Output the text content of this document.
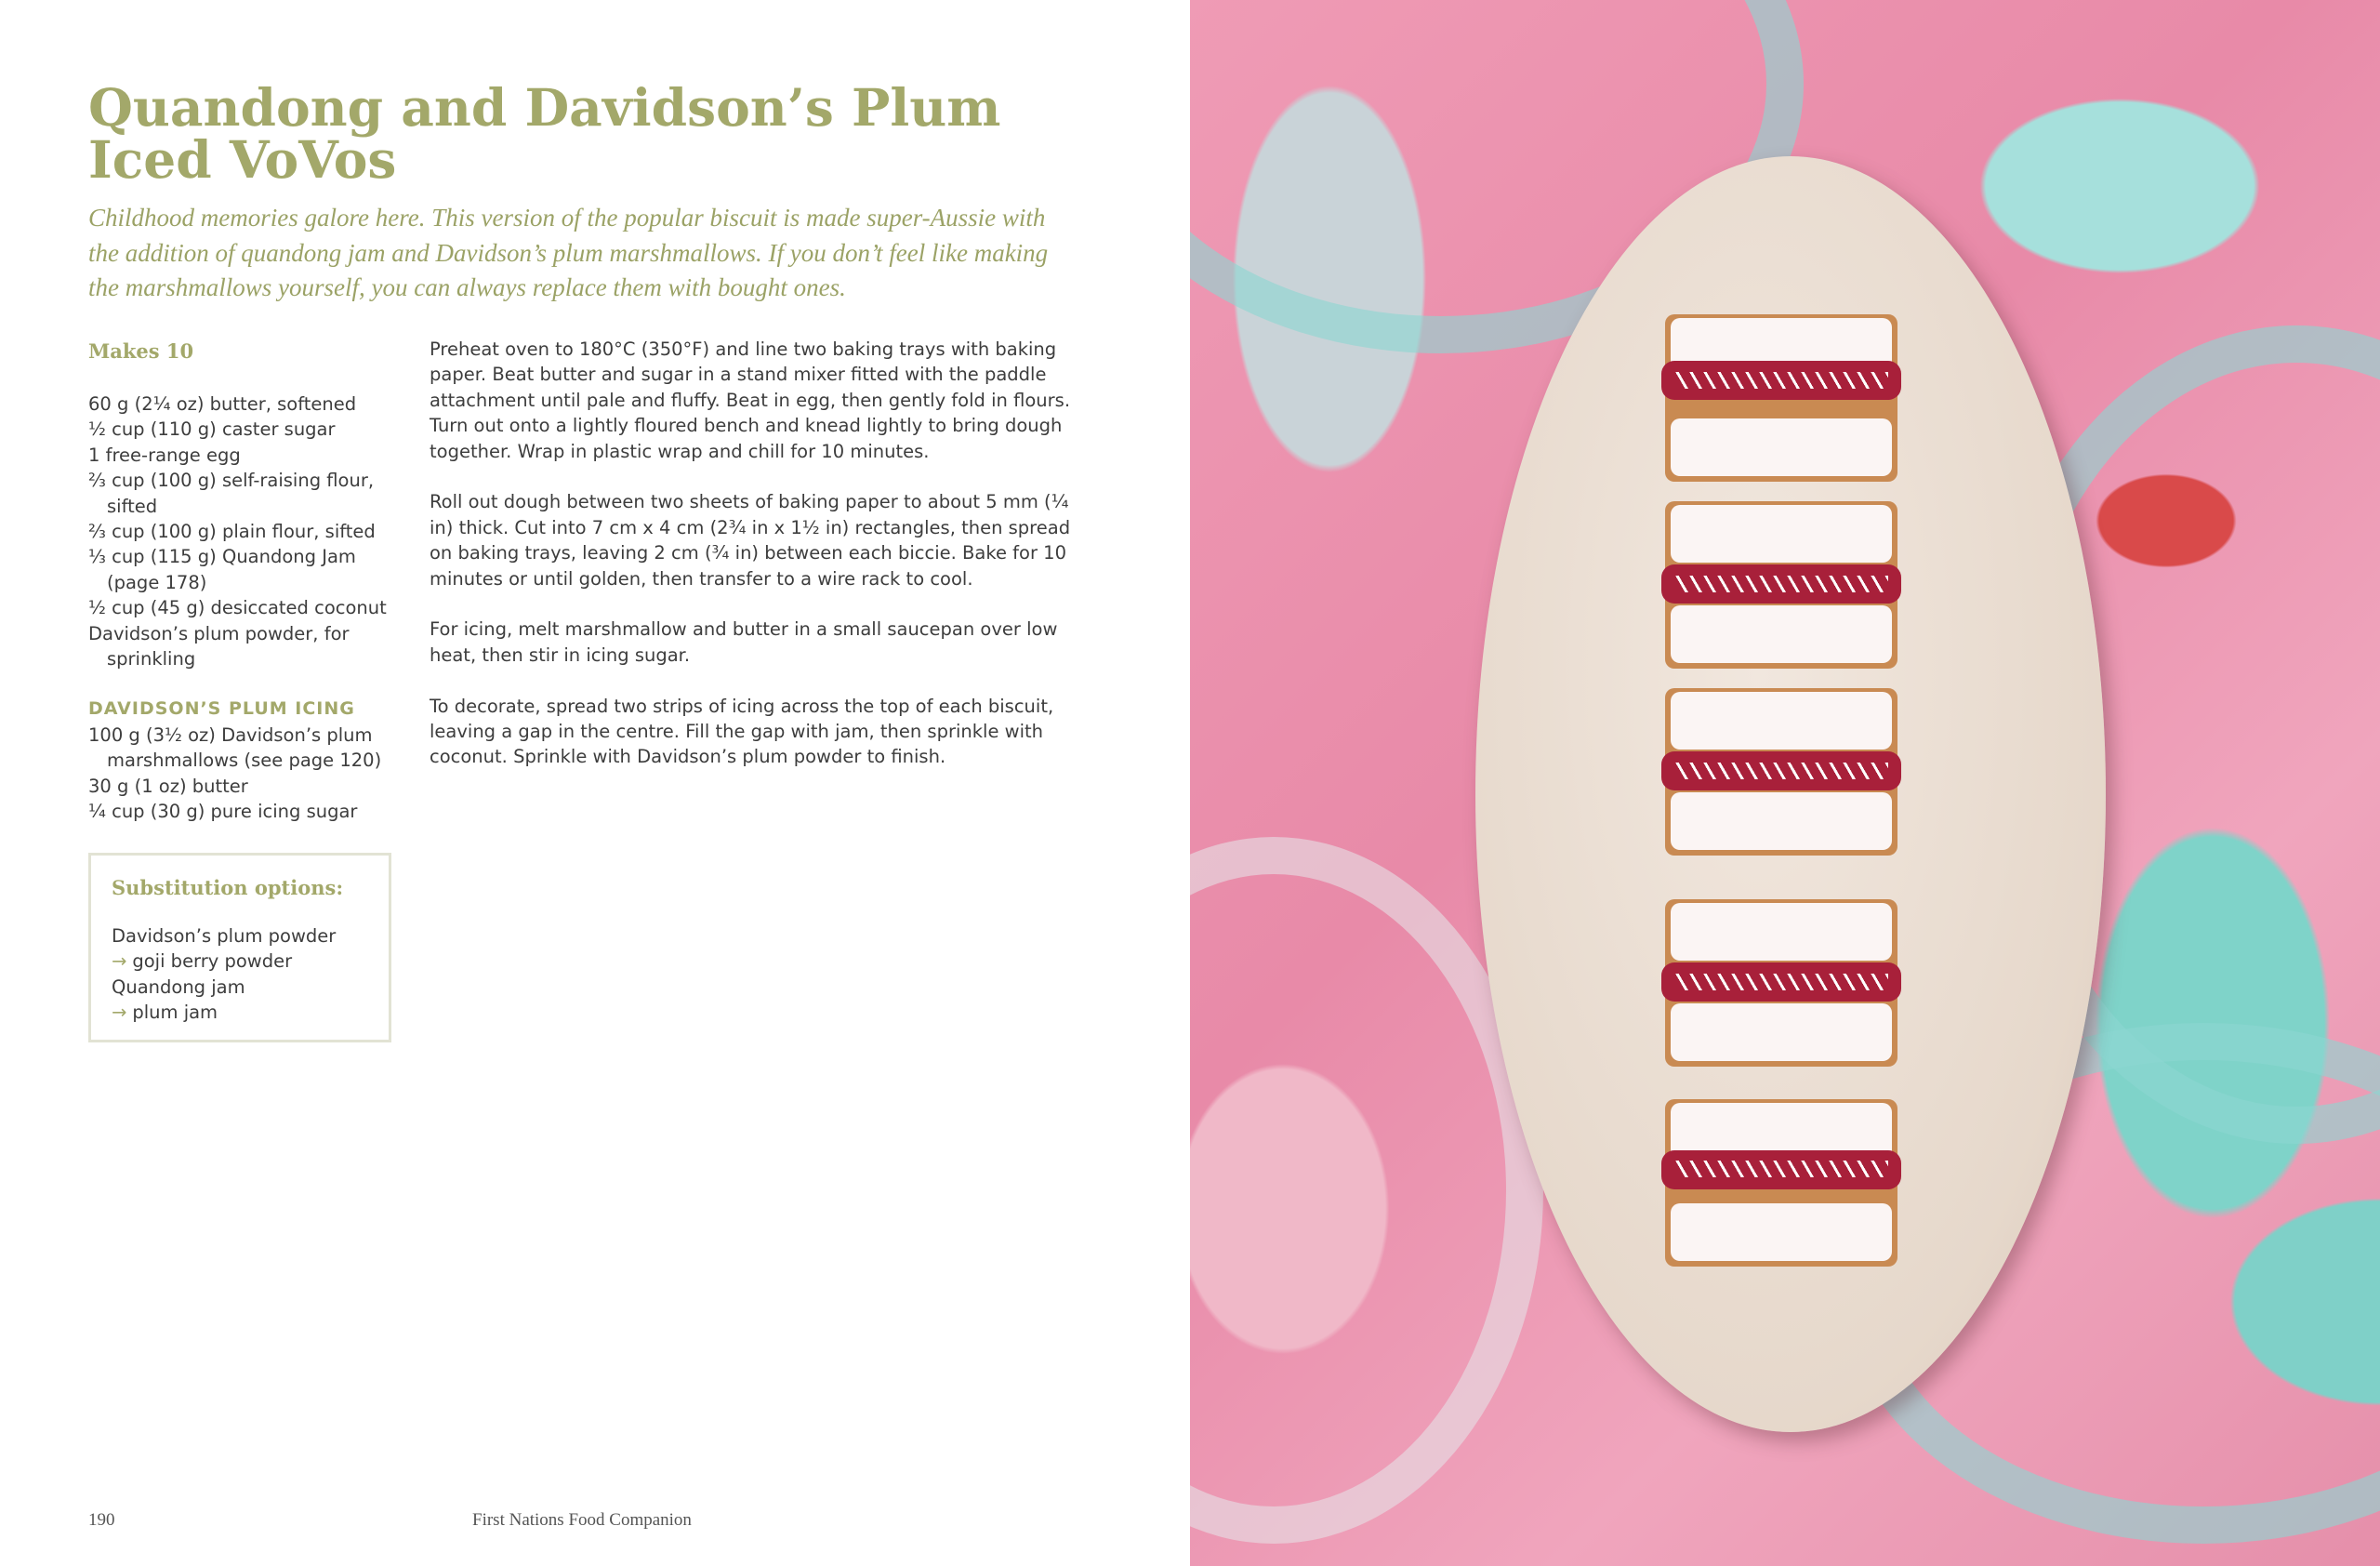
Quandong and Davidson’s Plum Iced VoVos

Childhood memories galore here. This version of the popular biscuit is made super-Aussie with the addition of quandong jam and Davidson’s plum marshmallows. If you don’t feel like making the marshmallows yourself, you can always replace them with bought ones.

Makes 10

60 g (2¼ oz) butter, softened
½ cup (110 g) caster sugar
1 free-range egg
⅔ cup (100 g) self-raising flour, sifted
⅔ cup (100 g) plain flour, sifted
⅓ cup (115 g) Quandong Jam (page 178)
½ cup (45 g) desiccated coconut
Davidson’s plum powder, for sprinkling

DAVIDSON’S PLUM ICING

100 g (3½ oz) Davidson’s plum marshmallows (see page 120)
30 g (1 oz) butter
¼ cup (30 g) pure icing sugar

Preheat oven to 180°C (350°F) and line two baking trays with baking paper. Beat butter and sugar in a stand mixer fitted with the paddle attachment until pale and fluffy. Beat in egg, then gently fold in flours. Turn out onto a lightly floured bench and knead lightly to bring dough together. Wrap in plastic wrap and chill for 10 minutes.

Roll out dough between two sheets of baking paper to about 5 mm (¼ in) thick. Cut into 7 cm x 4 cm (2¾ in x 1½ in) rectangles, then spread on baking trays, leaving 2 cm (¾ in) between each biccie. Bake for 10 minutes or until golden, then transfer to a wire rack to cool.

For icing, melt marshmallow and butter in a small saucepan over low heat, then stir in icing sugar.

To decorate, spread two strips of icing across the top of each biscuit, leaving a gap in the centre. Fill the gap with jam, then sprinkle with coconut. Sprinkle with Davidson’s plum powder to finish.

Substitution options:
Davidson’s plum powder
→ goji berry powder
Quandong jam
→ plum jam
190	First Nations Food Companion
